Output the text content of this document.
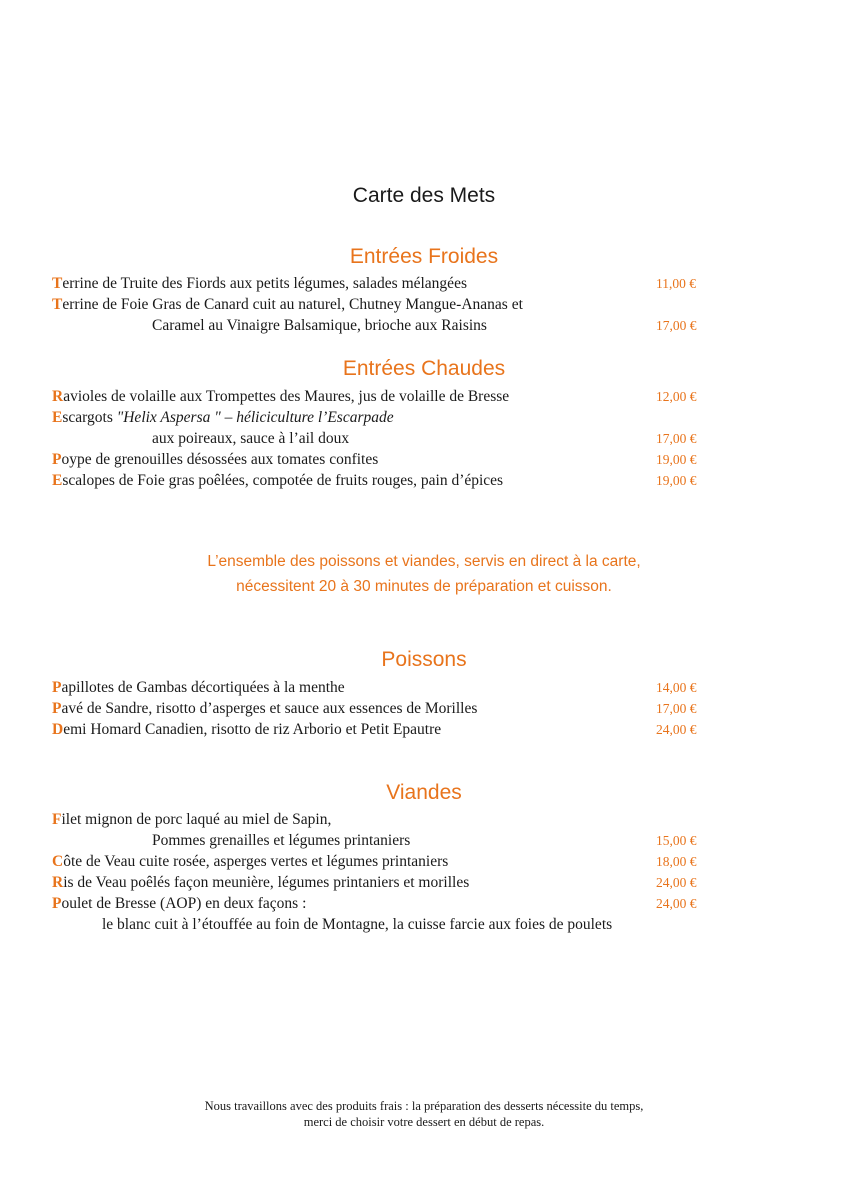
Carte des Mets
Entrées Froides
Terrine de Truite des Fiords aux petits légumes, salades mélangées	11,00 €
Terrine de Foie Gras de Canard cuit au naturel, Chutney Mangue-Ananas et
Caramel au Vinaigre Balsamique, brioche aux Raisins	17,00 €
Entrées Chaudes
Ravioles de volaille aux Trompettes des Maures, jus de volaille de Bresse	12,00 €
Escargots "Helix Aspersa " – héliciculture l’Escarpade
aux poireaux, sauce à l’ail doux	17,00 €
Poype de grenouilles désossées aux tomates confites	19,00 €
Escalopes de Foie gras poêlées, compotée de fruits rouges, pain d’épices	19,00 €
L’ensemble des poissons et viandes, servis en direct à la carte,
nécessitent 20 à 30 minutes de préparation et cuisson.
Poissons
Papillotes de Gambas décortiquées à la menthe	14,00 €
Pavé de Sandre, risotto d’asperges et sauce aux essences de Morilles	17,00 €
Demi Homard Canadien, risotto de riz Arborio et Petit Epautre	24,00 €
Viandes
Filet mignon de porc laqué au miel de Sapin,
Pommes grenailles et légumes printaniers	15,00 €
Côte de Veau cuite rosée, asperges vertes et légumes printaniers	18,00 €
Ris de Veau poêlés façon meunière, légumes printaniers et morilles	24,00 €
Poulet de Bresse (AOP) en deux façons :	24,00 €
le blanc cuit à l’étouffée au foin de Montagne, la cuisse farcie aux foies de poulets
Nous travaillons avec des produits frais : la préparation des desserts nécessite du temps,
merci de choisir votre dessert en début de repas.
